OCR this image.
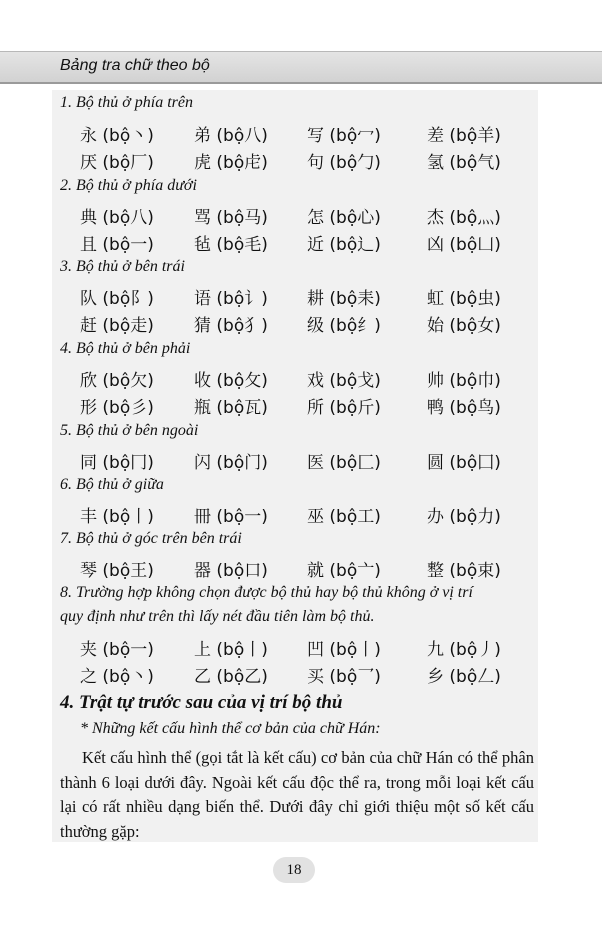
Bảng tra chữ theo bộ
1. Bộ thủ ở phía trên
永 (bộ丶) 弟 (bộ八) 写 (bộ冖)	差 (bộ羊)
厌 (bộ厂) 虎 (bộ虍) 句 (bộ勹)	氢 (bộ气)
2. Bộ thủ ở phía dưới
典 (bộ八) 骂 (bộ马) 怎 (bộ心)	杰 (bộ灬)
且 (bộ一) 毡 (bộ毛) 近 (bộ辶)	凶 (bộ凵)
3. Bộ thủ ở bên trái
队 (bộ阝) 语 (bộ讠) 耕 (bộ耒)	虹 (bộ虫)
赶 (bộ走) 猜 (bộ犭) 级 (bộ纟)	始 (bộ女)
4. Bộ thủ ở bên phải
欣 (bộ欠) 收 (bộ攵) 戏 (bộ戈)	帅 (bộ巾)
形 (bộ彡) 瓶 (bộ瓦) 所 (bộ斤)	鸭 (bộ鸟)
5. Bộ thủ ở bên ngoài
同 (bộ冂) 闪 (bộ门) 医 (bộ匚)	圆 (bộ囗)
6. Bộ thủ ở giữa
丰 (bộ丨) 冊 (bộ一) 巫 (bộ工)	办 (bộ力)
7. Bộ thủ ở góc trên bên trái
琴 (bộ王) 器 (bộ口) 就 (bộ亠)	整 (bộ束)
8. Trường hợp không chọn được bộ thủ hay bộ thủ không ở vị trí
quy định như trên thì lấy nét đầu tiên làm bộ thủ.
夹 (bộ一) 上 (bộ丨) 凹 (bộ丨)	九 (bộ丿)
之 (bộ丶) 乙 (bộ乙) 买 (bộ乛)	乡 (bộ𠃋)
4. Trật tự trước sau của vị trí bộ thủ
* Những kết cấu hình thể cơ bản của chữ Hán:
Kết cấu hình thể (gọi tắt là kết cấu) cơ bản của chữ Hán có thể phân thành 6 loại dưới đây. Ngoài kết cấu độc thể ra, trong mỗi loại kết cấu lại có rất nhiều dạng biến thể. Dưới đây chỉ giới thiệu một số kết cấu thường gặp:
18
